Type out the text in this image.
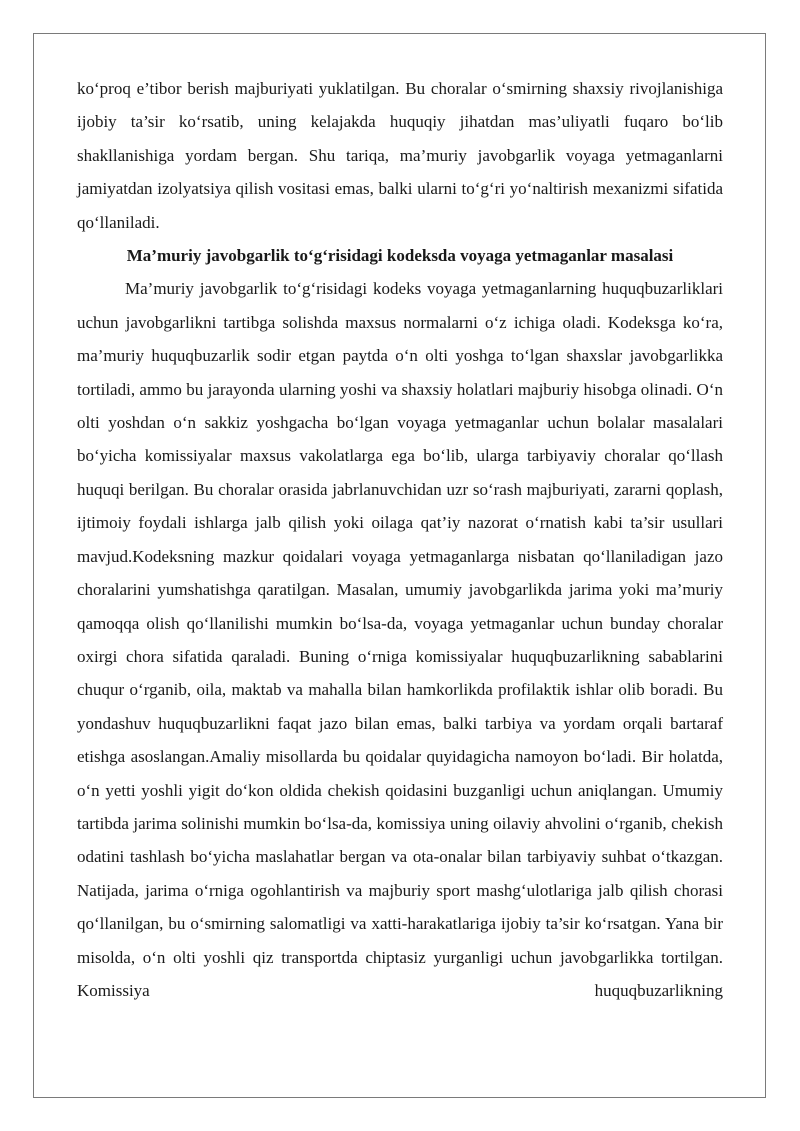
ko‘proq e’tibor berish majburiyati yuklatilgan. Bu choralar o‘smirning shaxsiy rivojlanishiga ijobiy ta’sir ko‘rsatib, uning kelajakda huquqiy jihatdan mas’uliyatli fuqaro bo‘lib shakllanishiga yordam bergan. Shu tariqa, ma’muriy javobgarlik voyaga yetmaganlarni jamiyatdan izolyatsiya qilish vositasi emas, balki ularni to‘g‘ri yo‘naltirish mexanizmi sifatida qo‘llaniladi.

Ma’muriy javobgarlik to‘g‘risidagi kodeksda voyaga yetmaganlar masalasi

Ma’muriy javobgarlik to‘g‘risidagi kodeks voyaga yetmaganlarning huquqbuzarliklari uchun javobgarlikni tartibga solishda maxsus normalarni o‘z ichiga oladi. Kodeksga ko‘ra, ma’muriy huquqbuzarlik sodir etgan paytda o‘n olti yoshga to‘lgan shaxslar javobgarlikka tortiladi, ammo bu jarayonda ularning yoshi va shaxsiy holatlari majburiy hisobga olinadi. O‘n olti yoshdan o‘n sakkiz yoshgacha bo‘lgan voyaga yetmaganlar uchun bolalar masalalari bo‘yicha komissiyalar maxsus vakolatlarga ega bo‘lib, ularga tarbiyaviy choralar qo‘llash huquqi berilgan. Bu choralar orasida jabrlanuvchidan uzr so‘rash majburiyati, zararni qoplash, ijtimoiy foydali ishlarga jalb qilish yoki oilaga qat’iy nazorat o‘rnatish kabi ta’sir usullari mavjud.Kodeksning mazkur qoidalari voyaga yetmaganlarga nisbatan qo‘llaniladigan jazo choralarini yumshatishga qaratilgan. Masalan, umumiy javobgarlikda jarima yoki ma’muriy qamoqqa olish qo‘llanilishi mumkin bo‘lsa-da, voyaga yetmaganlar uchun bunday choralar oxirgi chora sifatida qaraladi. Buning o‘rniga komissiyalar huquqbuzarlikning sabablarini chuqur o‘rganib, oila, maktab va mahalla bilan hamkorlikda profilaktik ishlar olib boradi. Bu yondashuv huquqbuzarlikni faqat jazo bilan emas, balki tarbiya va yordam orqali bartaraf etishga asoslangan.Amaliy misollarda bu qoidalar quyidagicha namoyon bo‘ladi. Bir holatda, o‘n yetti yoshli yigit do‘kon oldida chekish qoidasini buzganligi uchun aniqlangan. Umumiy tartibda jarima solinishi mumkin bo‘lsa-da, komissiya uning oilaviy ahvolini o‘rganib, chekish odatini tashlash bo‘yicha maslahatlar bergan va ota-onalar bilan tarbiyaviy suhbat o‘tkazgan. Natijada, jarima o‘rniga ogohlantirish va majburiy sport mashg‘ulotlariga jalb qilish chorasi qo‘llanilgan, bu o‘smirning salomatligi va xatti-harakatlariga ijobiy ta’sir ko‘rsatgan. Yana bir misolda, o‘n olti yoshli qiz transportda chiptasiz yurganligi uchun javobgarlikka tortilgan. Komissiya huquqbuzarlikning
